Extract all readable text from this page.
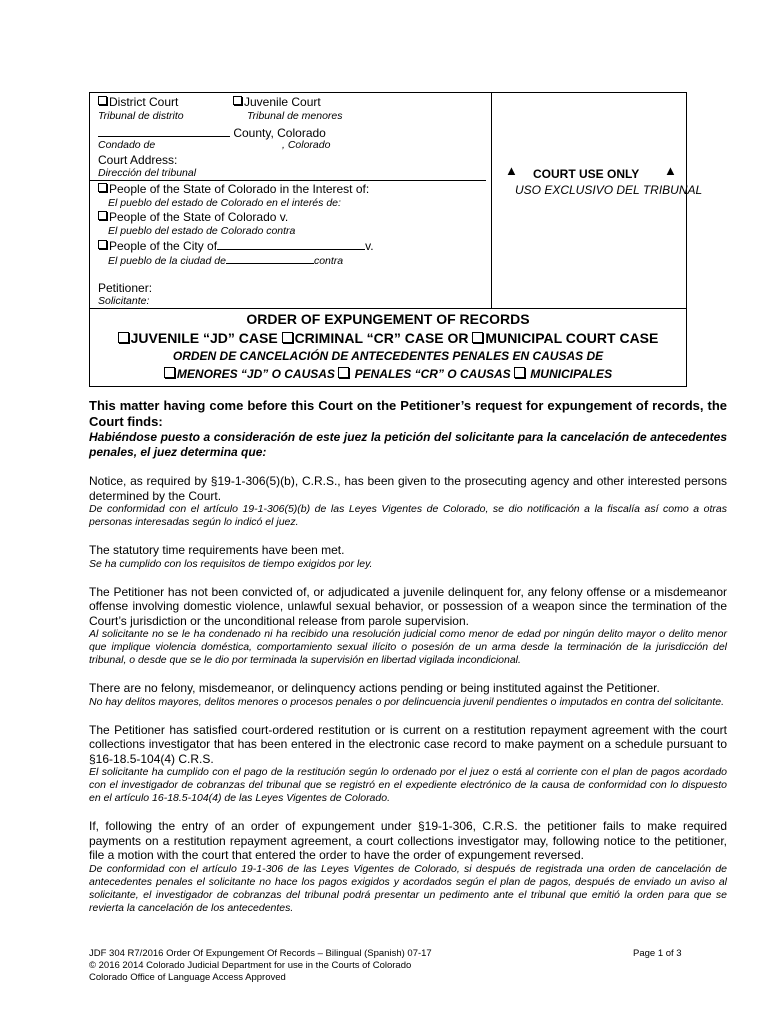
District Court	Juvenile Court
Tribunal de distrito	Tribunal de menores
County, Colorado
Condado de	, Colorado
Court Address:
Dirección del tribunal
People of the State of Colorado in the Interest of:
El pueblo del estado de Colorado en el interés de:
People of the State of Colorado v.
El pueblo del estado de Colorado contra
People of the City of	v.
El pueblo de la ciudad de	contra
Petitioner:
Solicitante:
▲ COURT USE ONLY ▲
USO EXCLUSIVO DEL TRIBUNAL
ORDER OF EXPUNGEMENT OF RECORDS
JUVENILE “JD” CASE CRIMINAL “CR” CASE OR MUNICIPAL COURT CASE
ORDEN DE CANCELACIÓN DE ANTECEDENTES PENALES EN CAUSAS DE
MENORES “JD” O CAUSAS  PENALES “CR” O CAUSAS  MUNICIPALES

This matter having come before this Court on the Petitioner’s request for expungement of records, the Court finds:

Habiéndose puesto a consideración de este juez la petición del solicitante para la cancelación de antecedentes penales, el juez determina que:

Notice, as required by §19-1-306(5)(b), C.R.S., has been given to the prosecuting agency and other interested persons determined by the Court.

De conformidad con el artículo 19-1-306(5)(b) de las Leyes Vigentes de Colorado, se dio notificación a la fiscalía así como a otras personas interesadas según lo indicó el juez.

The statutory time requirements have been met.

Se ha cumplido con los requisitos de tiempo exigidos por ley.

The Petitioner has not been convicted of, or adjudicated a juvenile delinquent for, any felony offense or a misdemeanor offense involving domestic violence, unlawful sexual behavior, or possession of a weapon since the termination of the Court’s jurisdiction or the unconditional release from parole supervision.

Al solicitante no se le ha condenado ni ha recibido una resolución judicial como menor de edad por ningún delito mayor o delito menor que implique violencia doméstica, comportamiento sexual ilícito o posesión de un arma desde la terminación de la jurisdicción del tribunal, o desde que se le dio por terminada la supervisión en libertad vigilada incondicional.

There are no felony, misdemeanor, or delinquency actions pending or being instituted against the Petitioner.

No hay delitos mayores, delitos menores o procesos penales o por delincuencia juvenil pendientes o imputados en contra del solicitante.

The Petitioner has satisfied court-ordered restitution or is current on a restitution repayment agreement with the court collections investigator that has been entered in the electronic case record to make payment on a schedule pursuant to §16-18.5-104(4) C.R.S.

El solicitante ha cumplido con el pago de la restitución según lo ordenado por el juez o está al corriente con el plan de pagos acordado con el investigador de cobranzas del tribunal que se registró en el expediente electrónico de la causa de conformidad con lo dispuesto en el artículo 16-18.5-104(4) de las Leyes Vigentes de Colorado.

If, following the entry of an order of expungement under §19-1-306, C.R.S. the petitioner fails to make required payments on a restitution repayment agreement, a court collections investigator may, following notice to the petitioner, file a motion with the court that entered the order to have the order of expungement reversed.

De conformidad con el artículo 19-1-306 de las Leyes Vigentes de Colorado, si después de registrada una orden de cancelación de antecedentes penales el solicitante no hace los pagos exigidos y acordados según el plan de pagos, después de enviado un aviso al solicitante, el investigador de cobranzas del tribunal podrá presentar un pedimento ante el tribunal que emitió la orden para que se revierta la cancelación de los antecedentes.

JDF 304 R7/2016 Order Of Expungement Of Records – Bilingual (Spanish) 07-17
© 2016 2014 Colorado Judicial Department for use in the Courts of Colorado
Colorado Office of Language Access Approved
Page 1 of 3
